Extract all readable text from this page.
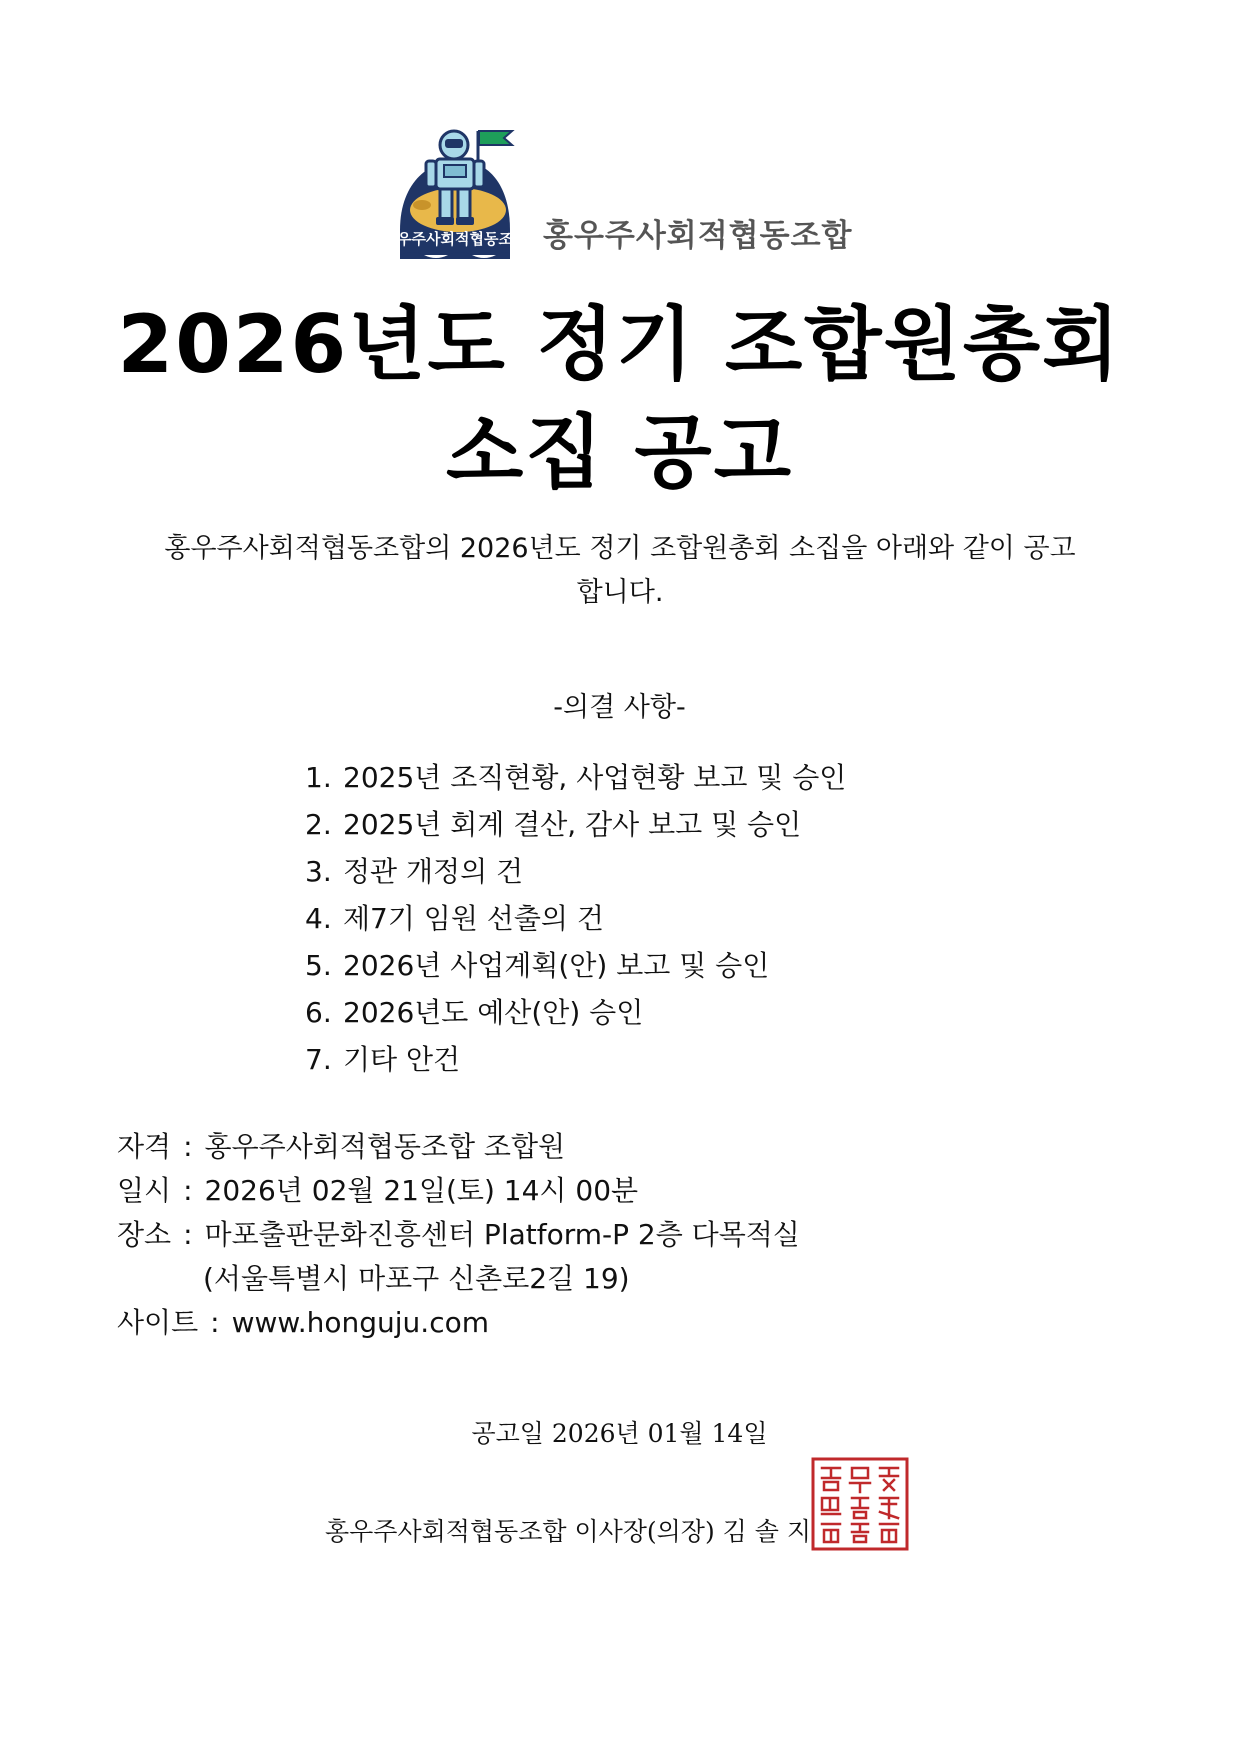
홍우주사회적협동조합 홍우주사회적협동조합
2026년도 정기 조합원총회
소집 공고
홍우주사회적협동조합의 2026년도 정기 조합원총회 소집을 아래와 같이 공고합니다.
-의결 사항-
1. 2025년 조직현황, 사업현황 보고 및 승인
2. 2025년 회계 결산, 감사 보고 및 승인
3. 정관 개정의 건
4. 제7기 임원 선출의 건
5. 2026년 사업계획(안) 보고 및 승인
6. 2026년도 예산(안) 승인
7. 기타 안건
자격 : 홍우주사회적협동조합 조합원
일시 : 2026년 02월 21일(토) 14시 00분
장소 : 마포출판문화진흥센터 Platform-P 2층 다목적실
(서울특별시 마포구 신촌로2길 19)
사이트 : www.honguju.com
공고일 2026년 01월 14일
홍우주사회적협동조합 이사장(의장) 김 솔 지
